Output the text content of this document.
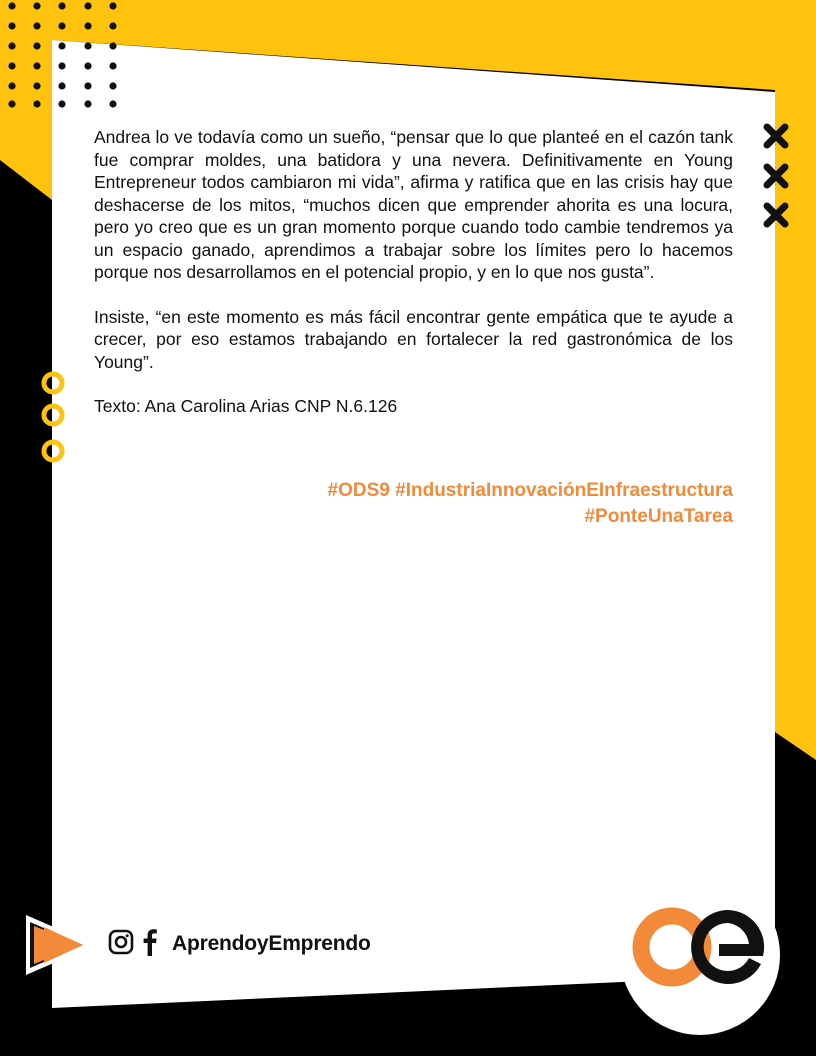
Andrea lo ve todavía como un sueño, “pensar que lo que planteé en el cazón tank fue comprar moldes, una batidora y una nevera. Definitivamente en Young Entrepreneur todos cambiaron mi vida”, afirma y ratifica que en las crisis hay que deshacerse de los mitos, “muchos dicen que emprender ahorita es una locura, pero yo creo que es un gran momento porque cuando todo cambie tendremos ya un espacio ganado, aprendimos a trabajar sobre los límites pero lo hacemos porque nos desarrollamos en el potencial propio, y en lo que nos gusta”.

Insiste, “en este momento es más fácil encontrar gente empática que te ayude a crecer, por eso estamos trabajando en fortalecer la red gastronómica de los Young”.

Texto: Ana Carolina Arias CNP N.6.126

#ODS9 #IndustriaInnovaciónEInfraestructura
#PonteUnaTarea
AprendoyEmprendo
